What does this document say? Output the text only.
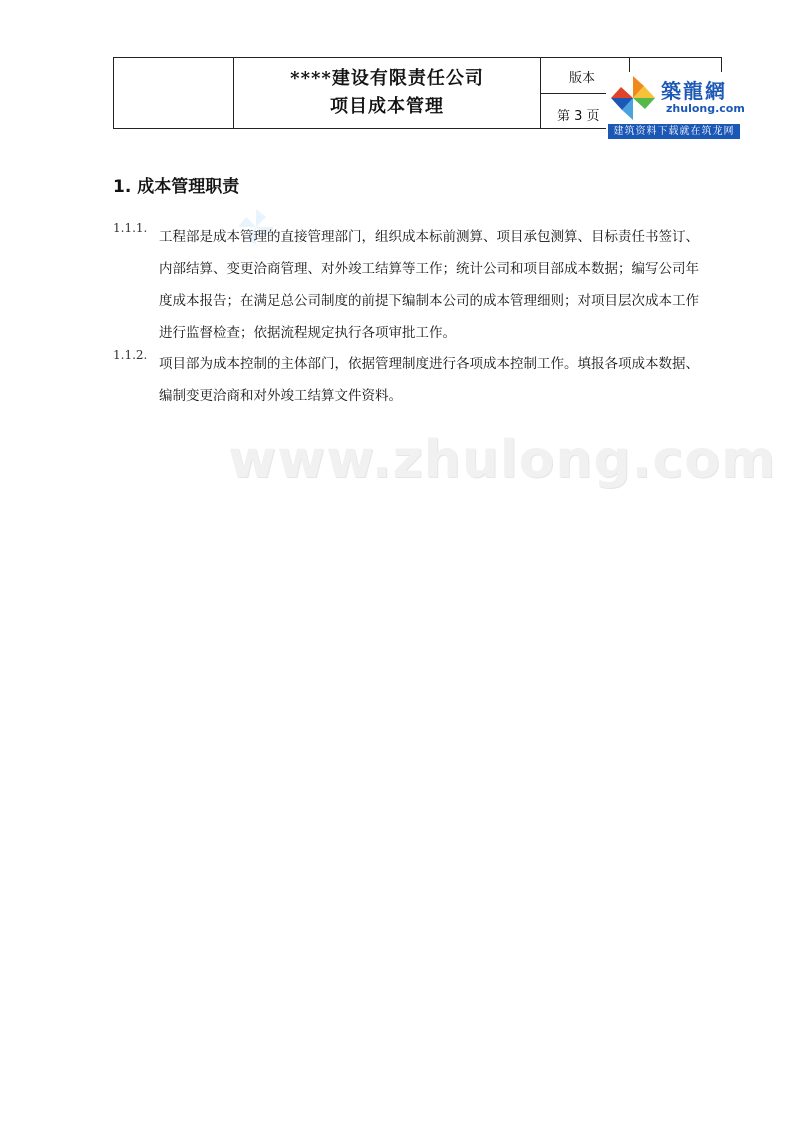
****建设有限责任公司
项目成本管理

版本
第 3 页
築龍網
zhulong.com
建筑资料下载就在筑龙网
1. 成本管理职责
1.1.1.
工程部是成本管理的直接管理部门，组织成本标前测算、项目承包测算、目标责任书签订、
内部结算、变更洽商管理、对外竣工结算等工作；统计公司和项目部成本数据；编写公司年
度成本报告；在满足总公司制度的前提下编制本公司的成本管理细则；对项目层次成本工作
进行监督检查；依据流程规定执行各项审批工作。
1.1.2.
项目部为成本控制的主体部门，依据管理制度进行各项成本控制工作。填报各项成本数据、
编制变更洽商和对外竣工结算文件资料。
www.zhulong.com
